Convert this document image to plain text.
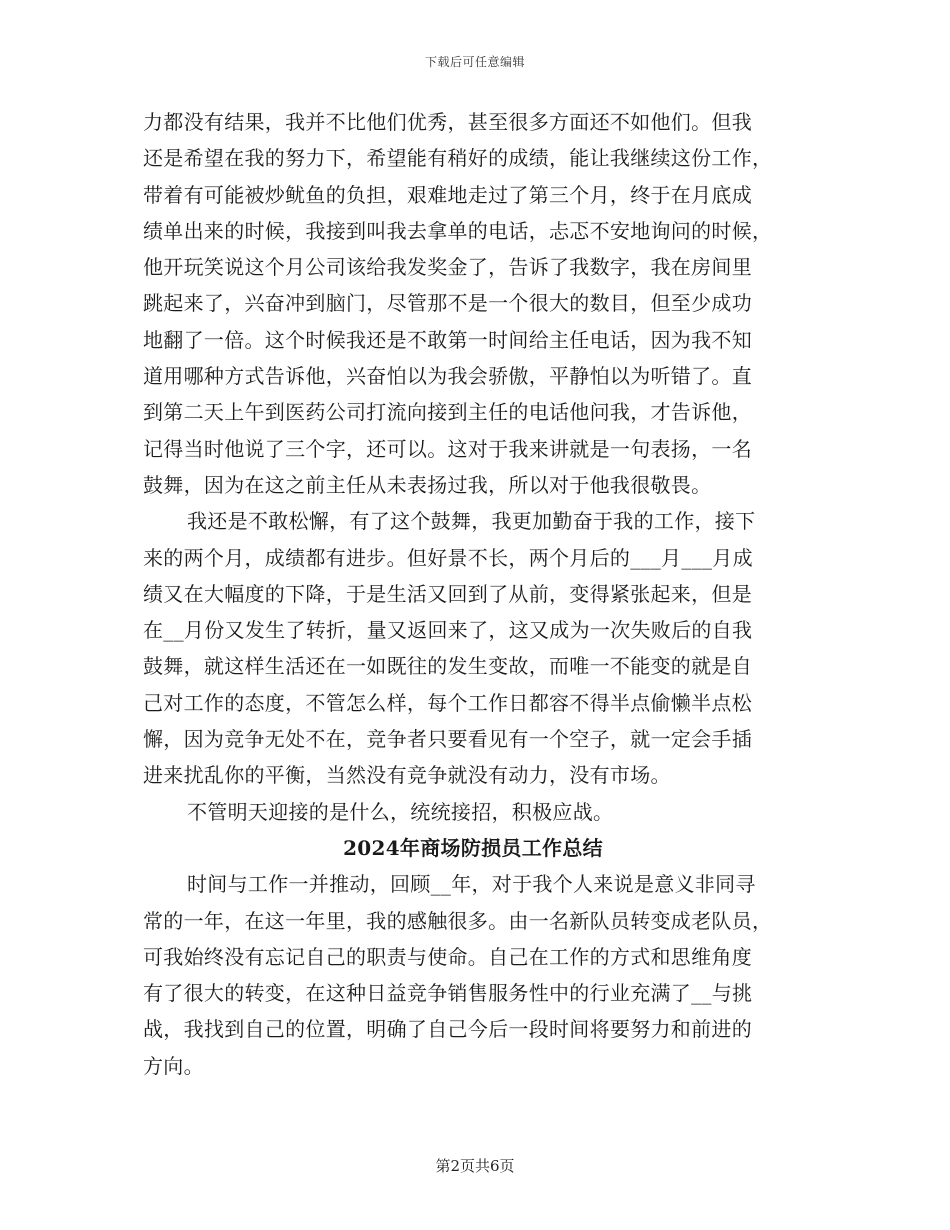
下载后可任意编辑

力都没有结果，我并不比他们优秀，甚至很多方面还不如他们。但我
还是希望在我的努力下，希望能有稍好的成绩，能让我继续这份工作，
带着有可能被炒鱿鱼的负担，艰难地走过了第三个月，终于在月底成
绩单出来的时候，我接到叫我去拿单的电话，忐忑不安地询问的时候，
他开玩笑说这个月公司该给我发奖金了，告诉了我数字，我在房间里
跳起来了，兴奋冲到脑门，尽管那不是一个很大的数目，但至少成功
地翻了一倍。这个时候我还是不敢第一时间给主任电话，因为我不知
道用哪种方式告诉他，兴奋怕以为我会骄傲，平静怕以为听错了。直
到第二天上午到医药公司打流向接到主任的电话他问我，才告诉他，
记得当时他说了三个字，还可以。这对于我来讲就是一句表扬，一名
鼓舞，因为在这之前主任从未表扬过我，所以对于他我很敬畏。

我还是不敢松懈，有了这个鼓舞，我更加勤奋于我的工作，接下
来的两个月，成绩都有进步。但好景不长，两个月后的___月___月成
绩又在大幅度的下降，于是生活又回到了从前，变得紧张起来，但是
在__月份又发生了转折，量又返回来了，这又成为一次失败后的自我
鼓舞，就这样生活还在一如既往的发生变故，而唯一不能变的就是自
己对工作的态度，不管怎么样，每个工作日都容不得半点偷懒半点松
懈，因为竞争无处不在，竞争者只要看见有一个空子，就一定会手插
进来扰乱你的平衡，当然没有竞争就没有动力，没有市场。

不管明天迎接的是什么，统统接招，积极应战。

2024年商场防损员工作总结

时间与工作一并推动，回顾__年，对于我个人来说是意义非同寻
常的一年，在这一年里，我的感触很多。由一名新队员转变成老队员，
可我始终没有忘记自己的职责与使命。自己在工作的方式和思维角度
有了很大的转变，在这种日益竞争销售服务性中的行业充满了__与挑
战，我找到自己的位置，明确了自己今后一段时间将要努力和前进的
方向。

第2页共6页
